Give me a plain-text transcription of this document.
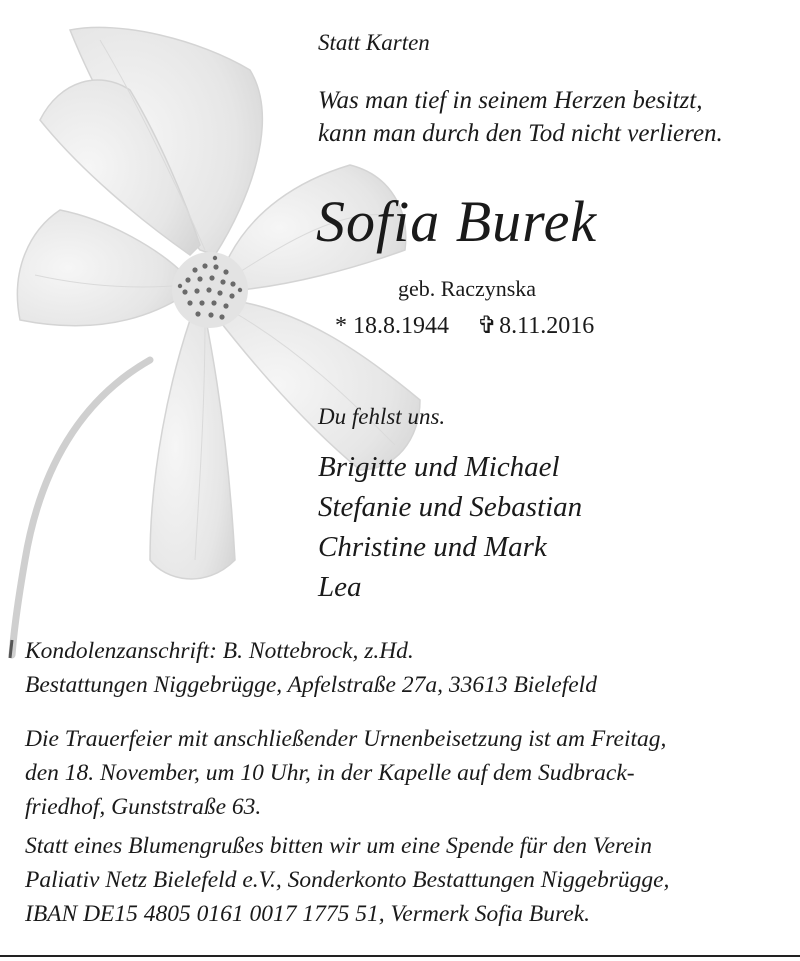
Statt Karten
Was man tief in seinem Herzen besitzt,
kann man durch den Tod nicht verlieren.
Sofia Burek
geb. Raczynska
* 18.8.1944 ✞8.11.2016
Du fehlst uns.
Brigitte und Michael
Stefanie und Sebastian
Christine und Mark
Lea
Kondolenzanschrift: B. Nottebrock, z.Hd.
Bestattungen Niggebrügge, Apfelstraße 27a, 33613 Bielefeld
Die Trauerfeier mit anschließender Urnenbeisetzung ist am Freitag,
den 18. November, um 10 Uhr, in der Kapelle auf dem Sudbrack-
friedhof, Gunststraße 63.
Statt eines Blumengrußes bitten wir um eine Spende für den Verein
Paliativ Netz Bielefeld e.V., Sonderkonto Bestattungen Niggebrügge,
IBAN DE15 4805 0161 0017 1775 51, Vermerk Sofia Burek.
